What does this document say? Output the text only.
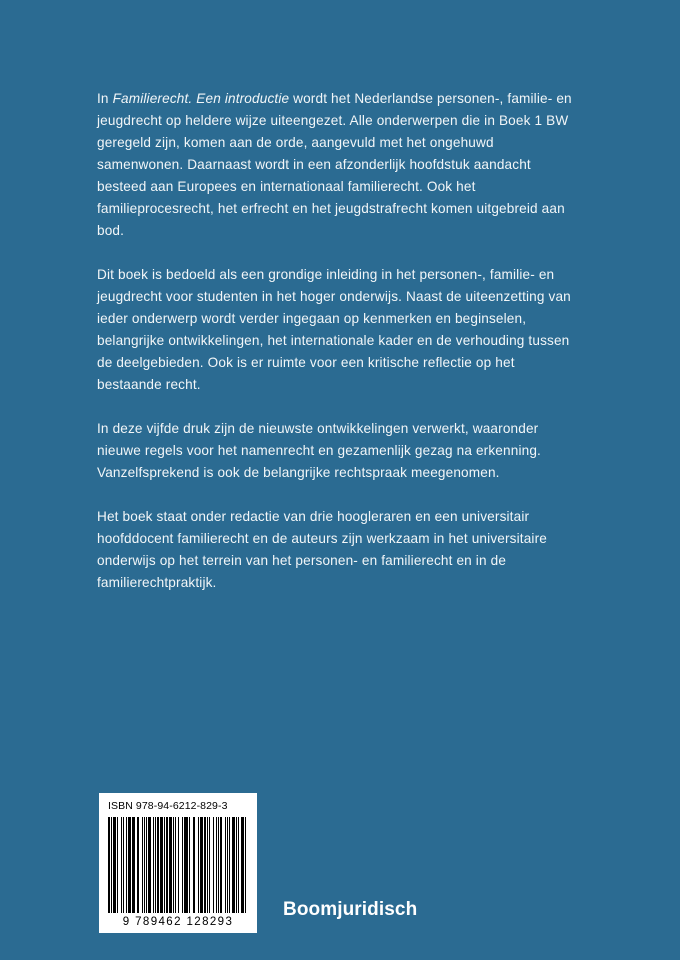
In Familierecht. Een introductie wordt het Nederlandse personen-, familie- en jeugdrecht op heldere wijze uiteengezet. Alle onderwerpen die in Boek 1 BW geregeld zijn, komen aan de orde, aangevuld met het ongehuwd samenwonen. Daarnaast wordt in een afzonderlijk hoofdstuk aandacht besteed aan Europees en internationaal familierecht. Ook het familieprocesrecht, het erfrecht en het jeugdstrafrecht komen uitgebreid aan bod.

Dit boek is bedoeld als een grondige inleiding in het personen-, familie- en jeugdrecht voor studenten in het hoger onderwijs. Naast de uiteenzetting van ieder onderwerp wordt verder ingegaan op kenmerken en beginselen, belangrijke ontwikkelingen, het internationale kader en de verhouding tussen de deelgebieden. Ook is er ruimte voor een kritische reflectie op het bestaande recht.

In deze vijfde druk zijn de nieuwste ontwikkelingen verwerkt, waaronder nieuwe regels voor het namenrecht en gezamenlijk gezag na erkenning. Vanzelfsprekend is ook de belangrijke rechtspraak meegenomen.

Het boek staat onder redactie van drie hoogleraren en een universitair hoofddocent familierecht en de auteurs zijn werkzaam in het universitaire onderwijs op het terrein van het personen- en familierecht en in de familierechtpraktijk.

ISBN 978-94-6212-829-3
9 789462 128293
Boomjuridisch
